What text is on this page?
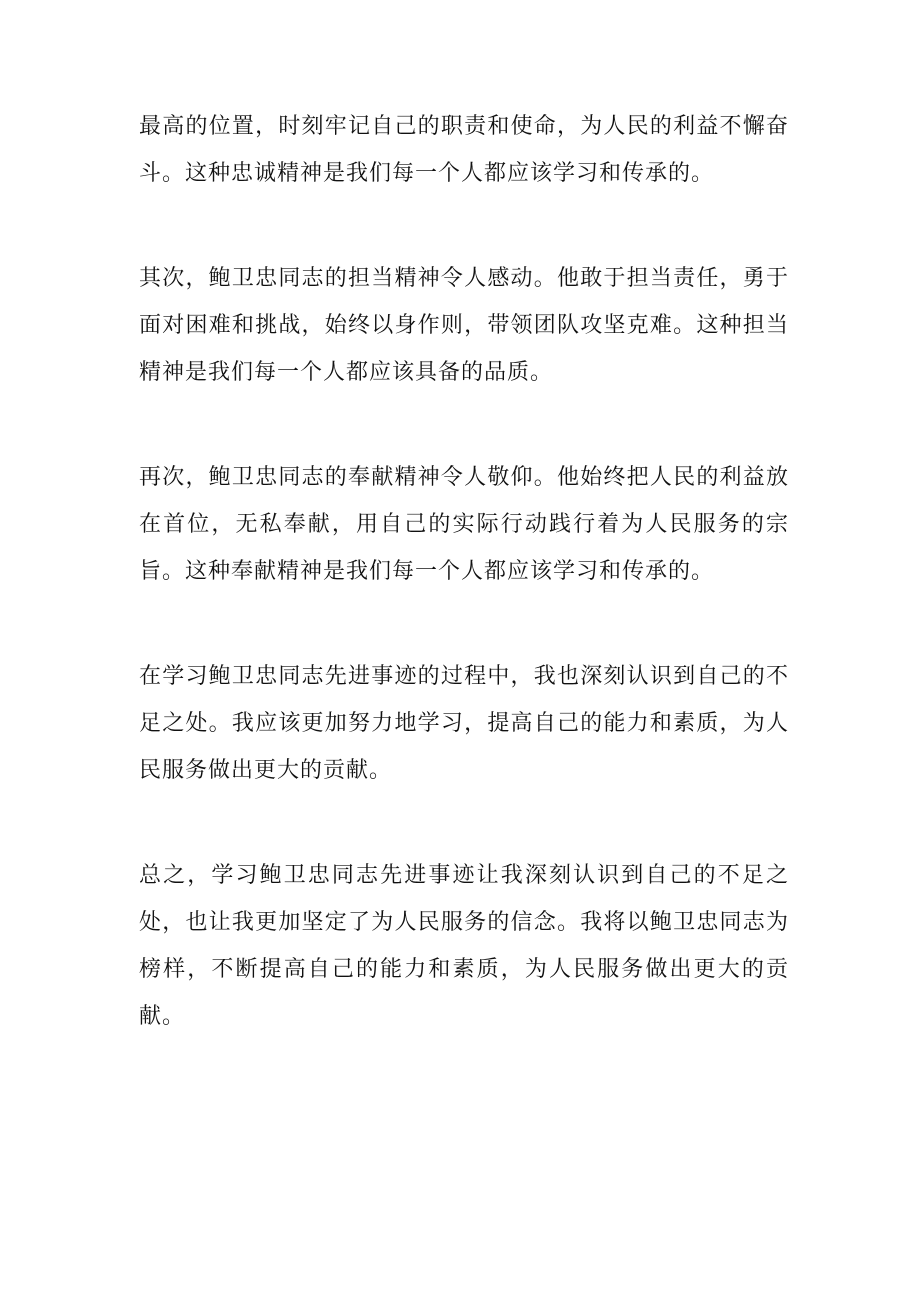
最高的位置，时刻牢记自己的职责和使命，为人民的利益不懈奋斗。这种忠诚精神是我们每一个人都应该学习和传承的。

其次，鲍卫忠同志的担当精神令人感动。他敢于担当责任，勇于面对困难和挑战，始终以身作则，带领团队攻坚克难。这种担当精神是我们每一个人都应该具备的品质。

再次，鲍卫忠同志的奉献精神令人敬仰。他始终把人民的利益放在首位，无私奉献，用自己的实际行动践行着为人民服务的宗旨。这种奉献精神是我们每一个人都应该学习和传承的。

在学习鲍卫忠同志先进事迹的过程中，我也深刻认识到自己的不足之处。我应该更加努力地学习，提高自己的能力和素质，为人民服务做出更大的贡献。

总之，学习鲍卫忠同志先进事迹让我深刻认识到自己的不足之处，也让我更加坚定了为人民服务的信念。我将以鲍卫忠同志为榜样，不断提高自己的能力和素质，为人民服务做出更大的贡献。
